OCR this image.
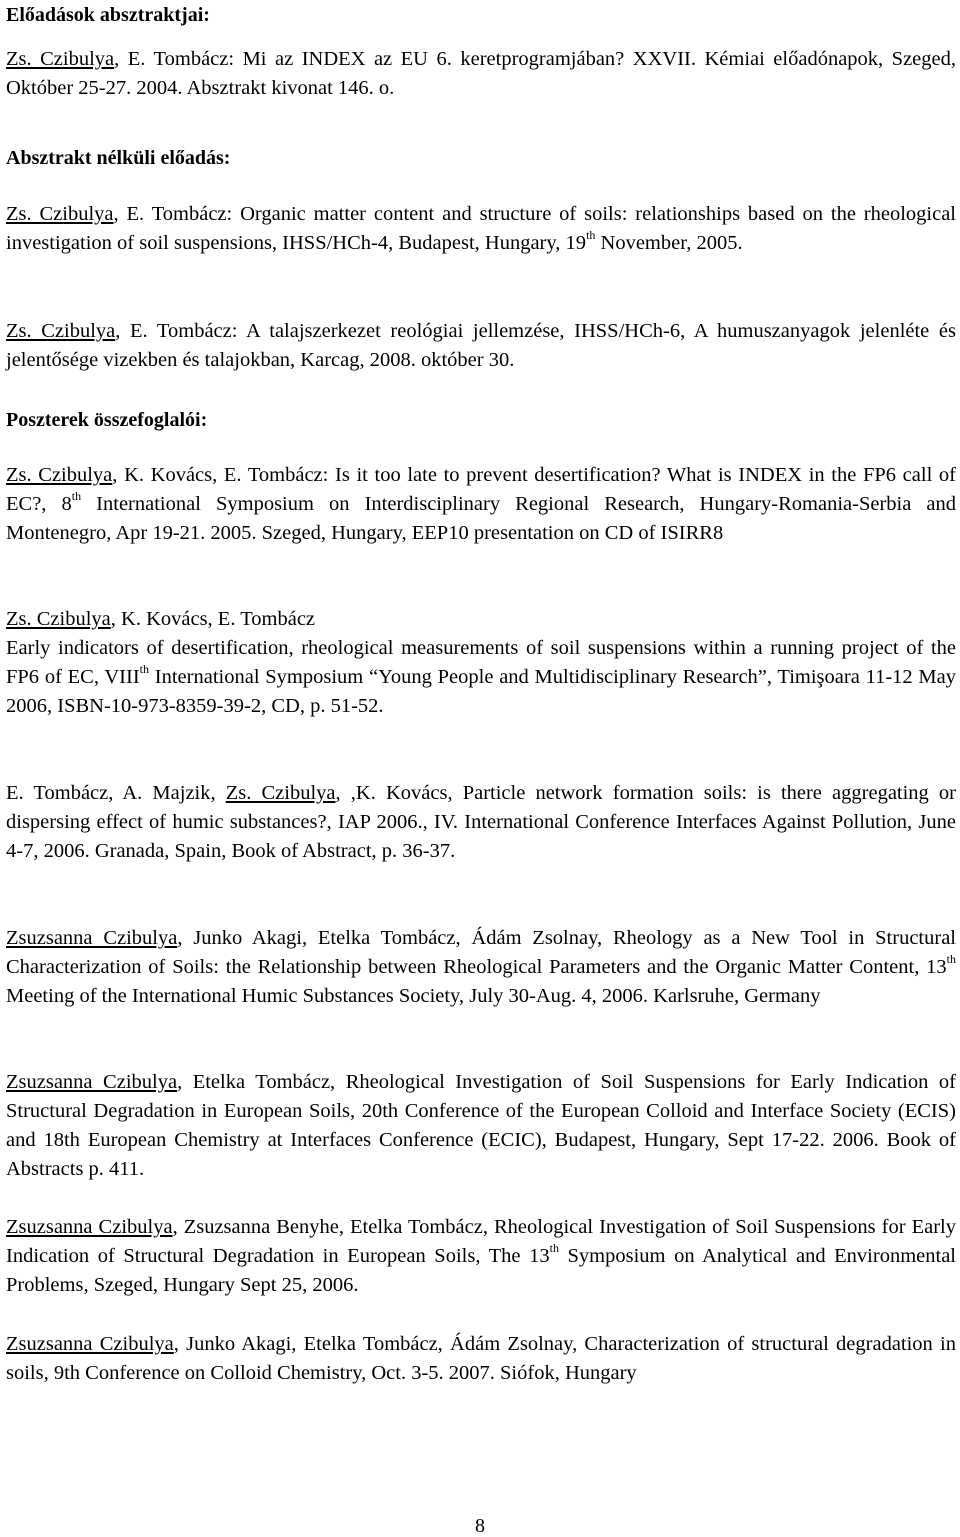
Előadások absztraktjai:
Zs. Czibulya, E. Tombácz: Mi az INDEX az EU 6. keretprogramjában? XXVII. Kémiai előadónapok, Szeged, Október 25-27. 2004. Absztrakt kivonat 146. o.
Absztrakt nélküli előadás:
Zs. Czibulya, E. Tombácz: Organic matter content and structure of soils: relationships based on the rheological investigation of soil suspensions, IHSS/HCh-4, Budapest, Hungary, 19th November, 2005.
Zs. Czibulya, E. Tombácz: A talajszerkezet reológiai jellemzése, IHSS/HCh-6, A humuszanyagok jelenléte és jelentősége vizekben és talajokban, Karcag, 2008. október 30.
Poszterek összefoglalói:
Zs. Czibulya, K. Kovács, E. Tombácz: Is it too late to prevent desertification? What is INDEX in the FP6 call of EC?, 8th International Symposium on Interdisciplinary Regional Research, Hungary-Romania-Serbia and Montenegro, Apr 19-21. 2005. Szeged, Hungary, EEP10 presentation on CD of ISIRR8
Zs. Czibulya, K. Kovács, E. Tombácz
Early indicators of desertification, rheological measurements of soil suspensions within a running project of the FP6 of EC, VIIIth International Symposium “Young People and Multidisciplinary Research”, Timişoara 11-12 May 2006, ISBN-10-973-8359-39-2, CD, p. 51-52.
E. Tombácz, A. Majzik, Zs. Czibulya, ,K. Kovács, Particle network formation soils: is there aggregating or dispersing effect of humic substances?, IAP 2006., IV. International Conference Interfaces Against Pollution, June 4-7, 2006. Granada, Spain, Book of Abstract, p. 36-37.
Zsuzsanna Czibulya, Junko Akagi, Etelka Tombácz, Ádám Zsolnay, Rheology as a New Tool in Structural Characterization of Soils: the Relationship between Rheological Parameters and the Organic Matter Content, 13th Meeting of the International Humic Substances Society, July 30-Aug. 4, 2006. Karlsruhe, Germany
Zsuzsanna Czibulya, Etelka Tombácz, Rheological Investigation of Soil Suspensions for Early Indication of Structural Degradation in European Soils, 20th Conference of the European Colloid and Interface Society (ECIS) and 18th European Chemistry at Interfaces Conference (ECIC), Budapest, Hungary, Sept 17-22. 2006. Book of Abstracts p. 411.
Zsuzsanna Czibulya, Zsuzsanna Benyhe, Etelka Tombácz, Rheological Investigation of Soil Suspensions for Early Indication of Structural Degradation in European Soils, The 13th Symposium on Analytical and Environmental Problems, Szeged, Hungary Sept 25, 2006.
Zsuzsanna Czibulya, Junko Akagi, Etelka Tombácz, Ádám Zsolnay, Characterization of structural degradation in soils, 9th Conference on Colloid Chemistry, Oct. 3-5. 2007. Siófok, Hungary
8
